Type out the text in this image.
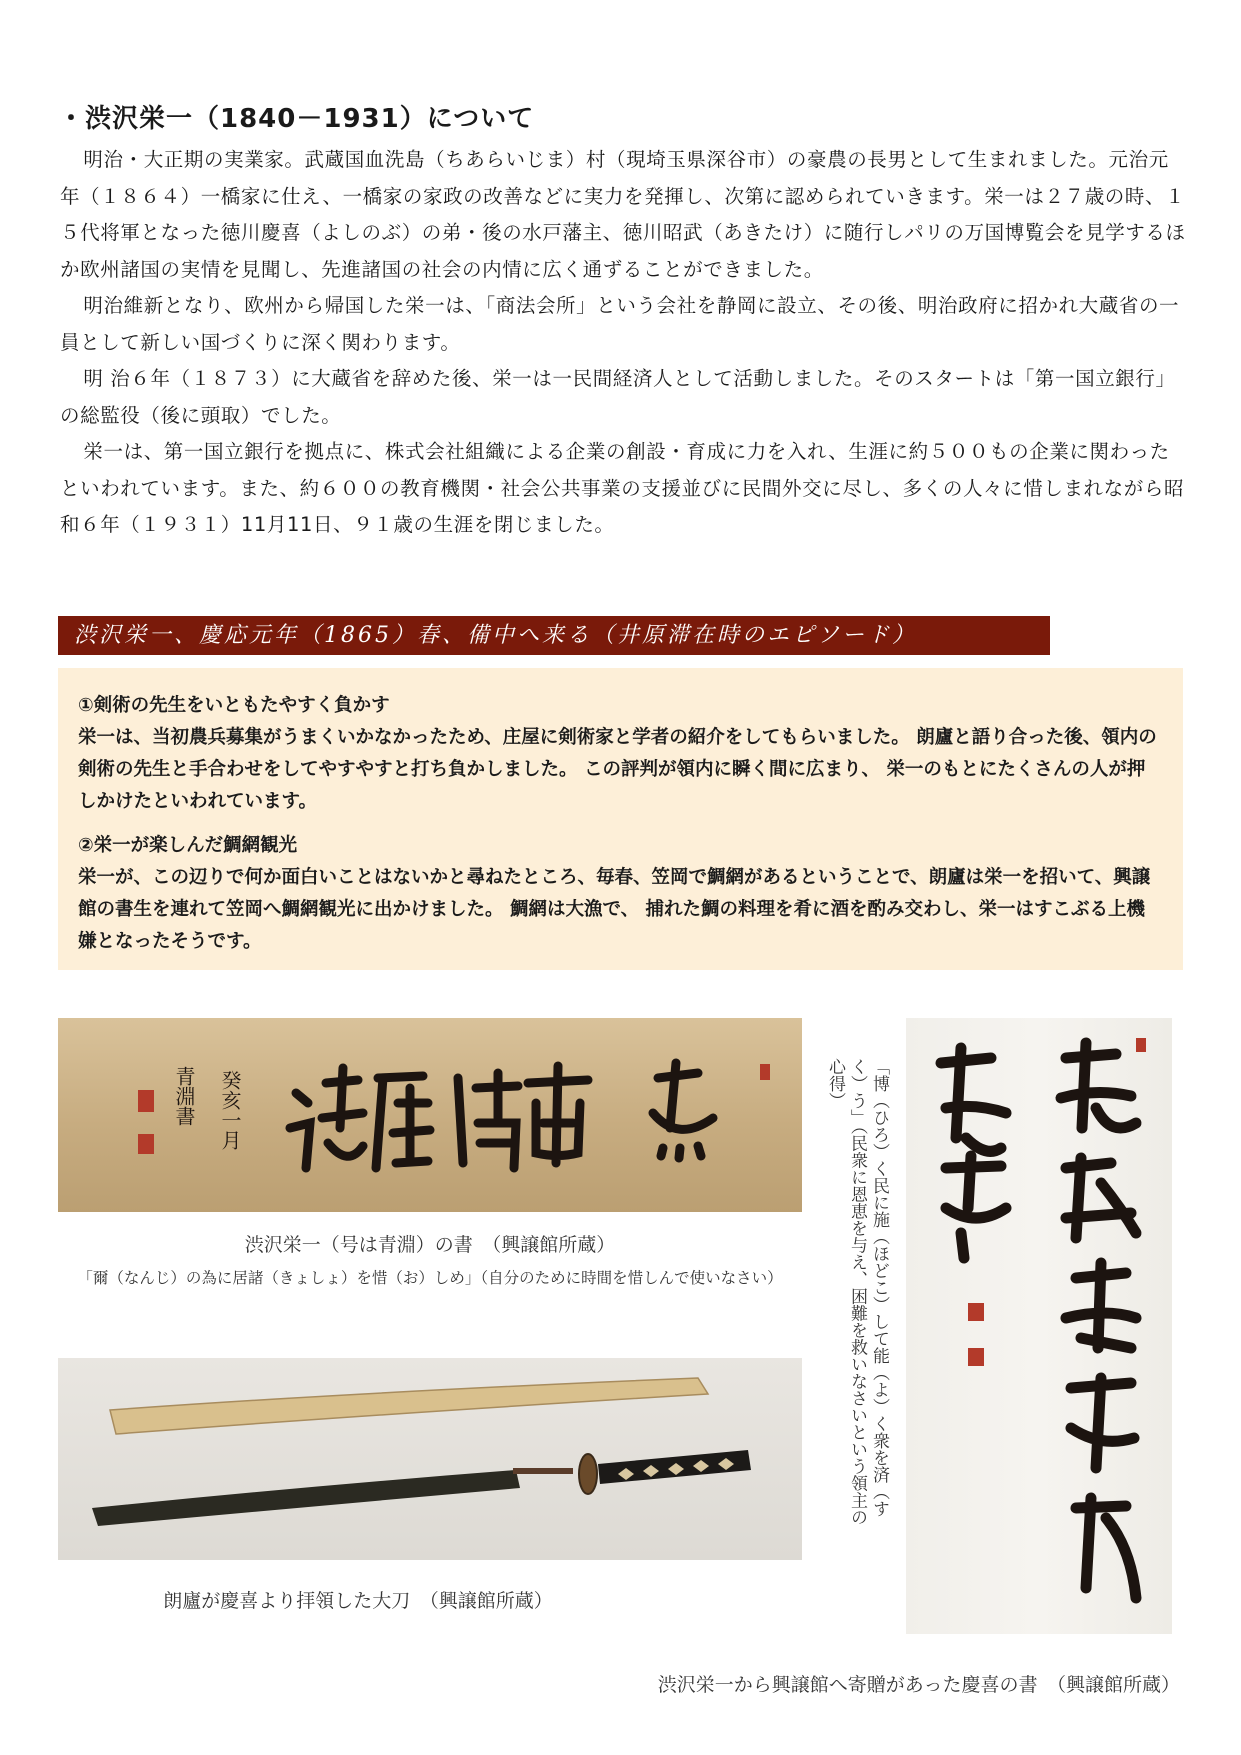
・渋沢栄一（1840－1931）について

明治・大正期の実業家。武蔵国血洗島（ちあらいじま）村（現埼玉県深谷市）の豪農の長男として生まれました。元治元年（１８６４）一橋家に仕え、一橋家の家政の改善などに実力を発揮し、次第に認められていきます。栄一は２７歳の時、１５代将軍となった徳川慶喜（よしのぶ）の弟・後の水戸藩主、徳川昭武（あきたけ）に随行しパリの万国博覧会を見学するほか欧州諸国の実情を見聞し、先進諸国の社会の内情に広く通ずることができました。

明治維新となり、欧州から帰国した栄一は、「商法会所」という会社を静岡に設立、その後、明治政府に招かれ大蔵省の一員として新しい国づくりに深く関わります。

明 治６年（１８７３）に大蔵省を辞めた後、栄一は一民間経済人として活動しました。そのスタートは「第一国立銀行」の総監役（後に頭取）でした。

栄一は、第一国立銀行を拠点に、株式会社組織による企業の創設・育成に力を入れ、生涯に約５００もの企業に関わったといわれています。また、約６００の教育機関・社会公共事業の支援並びに民間外交に尽し、多くの人々に惜しまれながら昭和６年（１９３１）11月11日、９１歳の生涯を閉じました。

渋沢栄一、慶応元年（1865）春、備中へ来る（井原滞在時のエピソード）

①剣術の先生をいともたやすく負かす

栄一は、当初農兵募集がうまくいかなかったため、庄屋に剣術家と学者の紹介をしてもらいました。 朗廬と語り合った後、領内の剣術の先生と手合わせをしてやすやすと打ち負かしました。 この評判が領内に瞬く間に広まり、 栄一のもとにたくさんの人が押しかけたといわれています。

②栄一が楽しんだ鯛網観光

栄一が、この辺りで何か面白いことはないかと尋ねたところ、毎春、笠岡で鯛網があるということで、朗廬は栄一を招いて、興譲館の書生を連れて笠岡へ鯛網観光に出かけました。 鯛網は大漁で、 捕れた鯛の料理を肴に酒を酌み交わし、栄一はすこぶる上機嫌となったそうです。

癸亥一月
青淵書
渋沢栄一（号は青淵）の書　（興譲館所蔵）
「爾（なんじ）の為に居諸（きょしょ）を惜（お）しめ」（自分のために時間を惜しんで使いなさい）
朗廬が慶喜より拝領した大刀　（興譲館所蔵）
「博（ひろ）く民に施（ほどこ）して能（よ）く衆を済（すく）う」（民衆に恩恵を与え、困難を救いなさいという領主の心得）
渋沢栄一から興譲館へ寄贈があった慶喜の書　（興譲館所蔵）
